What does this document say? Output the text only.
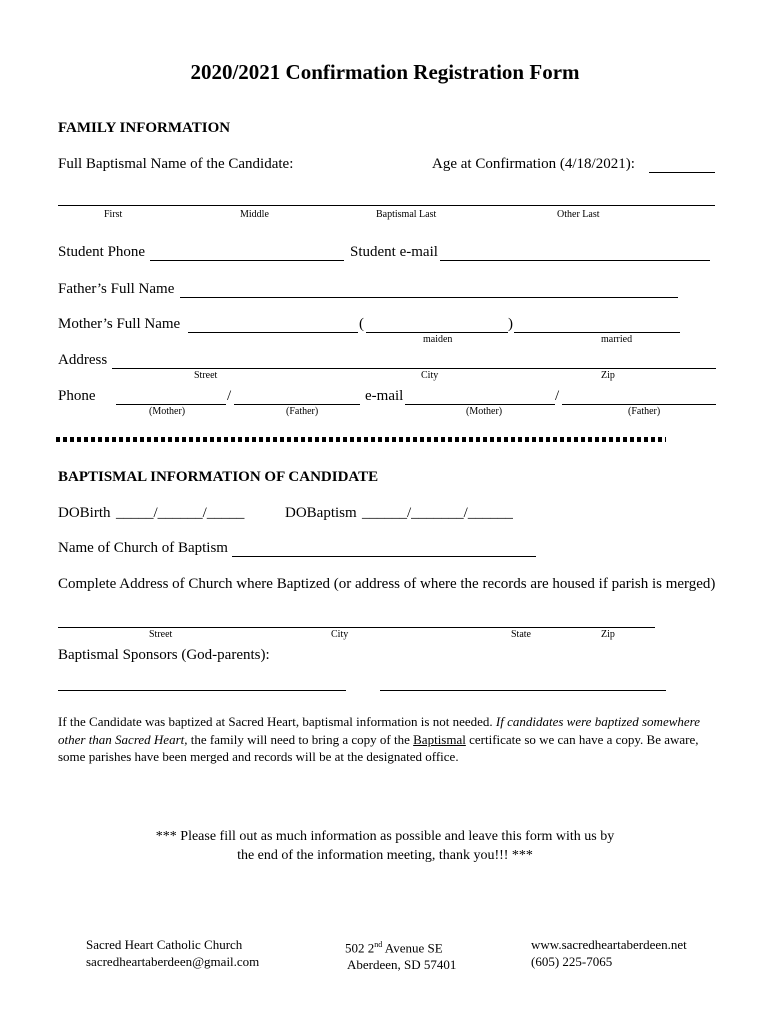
2020/2021 Confirmation Registration Form
FAMILY INFORMATION
Full Baptismal Name of the Candidate:	Age at Confirmation (4/18/2021):
First	Middle	Baptismal Last	Other Last
Student Phone	Student e-mail
Father’s Full Name
Mother’s Full Name	(	)
maiden	married
Address
Street	City	Zip
Phone	/	e-mail	/
(Mother)	(Father)	(Mother)	(Father)
BAPTISMAL INFORMATION OF CANDIDATE
DOBirth _____/______/_____	DOBaptism ______/_______/______
Name of Church of Baptism
Complete Address of Church where Baptized (or address of where the records are housed if parish is merged)
Street	City	State	Zip
Baptismal Sponsors (God-parents):
If the Candidate was baptized at Sacred Heart, baptismal information is not needed. If candidates were baptized somewhere other than Sacred Heart, the family will need to bring a copy of the Baptismal certificate so we can have a copy. Be aware, some parishes have been merged and records will be at the designated office.
*** Please fill out as much information as possible and leave this form with us by
the end of the information meeting, thank you!!! ***
Sacred Heart Catholic Church
sacredheartaberdeen@gmail.com
502 2nd Avenue SE
Aberdeen, SD 57401
www.sacredheartaberdeen.net
(605) 225-7065
